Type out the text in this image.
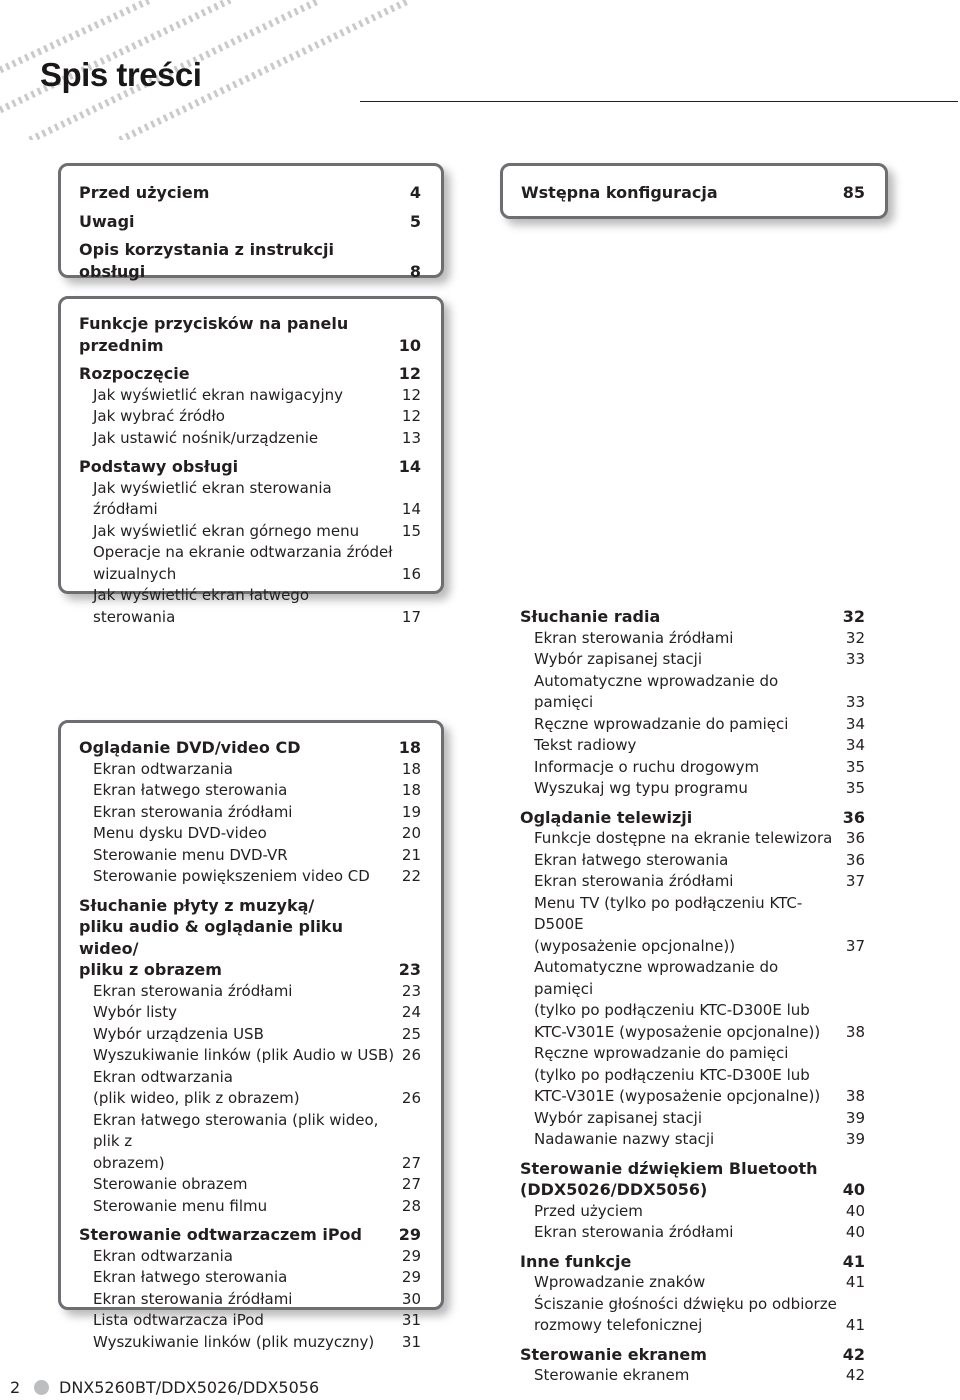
Spis treści
Przed użyciem	4
Uwagi	5
Opis korzystania z instrukcji obsługi	8
Wstępna konfiguracja	85
Funkcje przycisków na panelu
przednim	10
Rozpoczęcie	12
Jak wyświetlić ekran nawigacyjny	12
Jak wybrać źródło	12
Jak ustawić nośnik/urządzenie	13
Podstawy obsługi	14
Jak wyświetlić ekran sterowania źródłami	14
Jak wyświetlić ekran górnego menu	15
Operacje na ekranie odtwarzania źródeł
wizualnych	16
Jak wyświetlić ekran łatwego sterowania	17
Oglądanie DVD/video CD	18
Ekran odtwarzania	18
Ekran łatwego sterowania	18
Ekran sterowania źródłami	19
Menu dysku DVD-video	20
Sterowanie menu DVD-VR	21
Sterowanie powiększeniem video CD	22
Słuchanie płyty z muzyką/
pliku audio & oglądanie pliku wideo/
pliku z obrazem	23
Ekran sterowania źródłami	23
Wybór listy	24
Wybór urządzenia USB	25
Wyszukiwanie linków (plik Audio w USB) 26
Ekran odtwarzania
(plik wideo, plik z obrazem)	26
Ekran łatwego sterowania (plik wideo, plik z
obrazem)	27
Sterowanie obrazem	27
Sterowanie menu filmu	28
Sterowanie odtwarzaczem iPod 29
Ekran odtwarzania	29
Ekran łatwego sterowania	29
Ekran sterowania źródłami	30
Lista odtwarzacza iPod	31
Wyszukiwanie linków (plik muzyczny)	31
Słuchanie radia	32
Ekran sterowania źródłami	32
Wybór zapisanej stacji	33
Automatyczne wprowadzanie do pamięci	33
Ręczne wprowadzanie do pamięci	34
Tekst radiowy	34
Informacje o ruchu drogowym	35
Wyszukaj wg typu programu	35
Oglądanie telewizji	36
Funkcje dostępne na ekranie telewizora 36
Ekran łatwego sterowania	36
Ekran sterowania źródłami	37
Menu TV (tylko po podłączeniu KTC-D500E
(wyposażenie opcjonalne))	37
Automatyczne wprowadzanie do pamięci
(tylko po podłączeniu KTC-D300E lub
KTC-V301E (wyposażenie opcjonalne))	38
Ręczne wprowadzanie do pamięci
(tylko po podłączeniu KTC-D300E lub
KTC-V301E (wyposażenie opcjonalne))	38
Wybór zapisanej stacji	39
Nadawanie nazwy stacji	39
Sterowanie dźwiękiem Bluetooth
(DDX5026/DDX5056)	40
Przed użyciem	40
Ekran sterowania źródłami	40
Inne funkcje	41
Wprowadzanie znaków	41
Ściszanie głośności dźwięku po odbiorze
rozmowy telefonicznej	41
Sterowanie ekranem	42
Sterowanie ekranem	42
2	DNX5260BT/DDX5026/DDX5056
